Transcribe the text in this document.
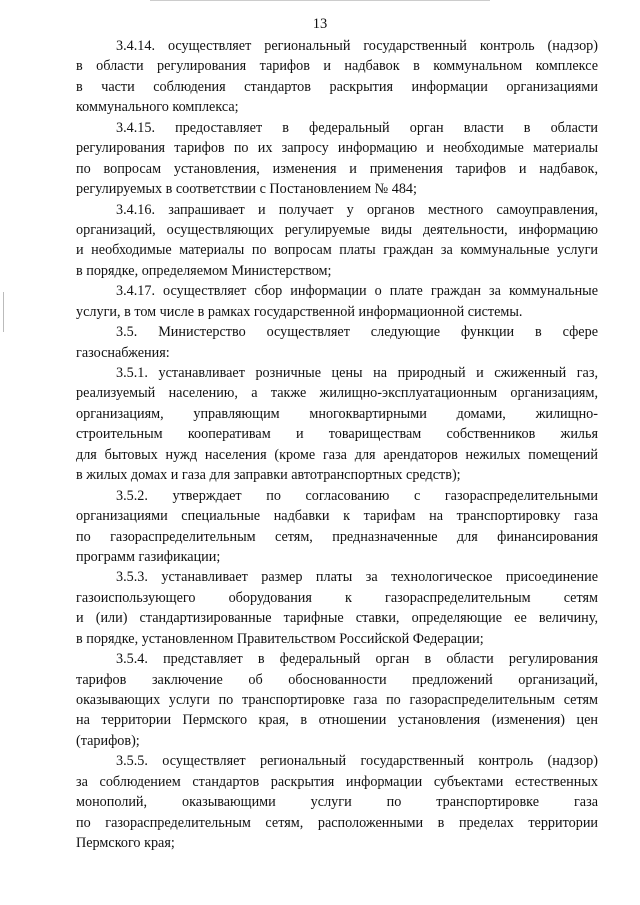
13
3.4.14. осуществляет региональный государственный контроль (надзор)
в области регулирования тарифов и надбавок в коммунальном комплексе
в части соблюдения стандартов раскрытия информации организациями
коммунального комплекса;
3.4.15. предоставляет в федеральный орган власти в области
регулирования тарифов по их запросу информацию и необходимые материалы
по вопросам установления, изменения и применения тарифов и надбавок,
регулируемых в соответствии с Постановлением № 484;
3.4.16. запрашивает и получает у органов местного самоуправления,
организаций, осуществляющих регулируемые виды деятельности, информацию
и необходимые материалы по вопросам платы граждан за коммунальные услуги
в порядке, определяемом Министерством;
3.4.17. осуществляет сбор информации о плате граждан за коммунальные
услуги, в том числе в рамках государственной информационной системы.
3.5. Министерство осуществляет следующие функции в сфере
газоснабжения:
3.5.1. устанавливает розничные цены на природный и сжиженный газ,
реализуемый населению, а также жилищно-эксплуатационным организациям,
организациям, управляющим многоквартирными домами, жилищно-
строительным кооперативам и товариществам собственников жилья
для бытовых нужд населения (кроме газа для арендаторов нежилых помещений
в жилых домах и газа для заправки автотранспортных средств);
3.5.2. утверждает по согласованию с газораспределительными
организациями специальные надбавки к тарифам на транспортировку газа
по газораспределительным сетям, предназначенные для финансирования
программ газификации;
3.5.3. устанавливает размер платы за технологическое присоединение
газоиспользующего оборудования к газораспределительным сетям
и (или) стандартизированные тарифные ставки, определяющие ее величину,
в порядке, установленном Правительством Российской Федерации;
3.5.4. представляет в федеральный орган в области регулирования
тарифов заключение об обоснованности предложений организаций,
оказывающих услуги по транспортировке газа по газораспределительным сетям
на территории Пермского края, в отношении установления (изменения) цен
(тарифов);
3.5.5. осуществляет региональный государственный контроль (надзор)
за соблюдением стандартов раскрытия информации субъектами естественных
монополий, оказывающими услуги по транспортировке газа
по газораспределительным сетям, расположенными в пределах территории
Пермского края;
